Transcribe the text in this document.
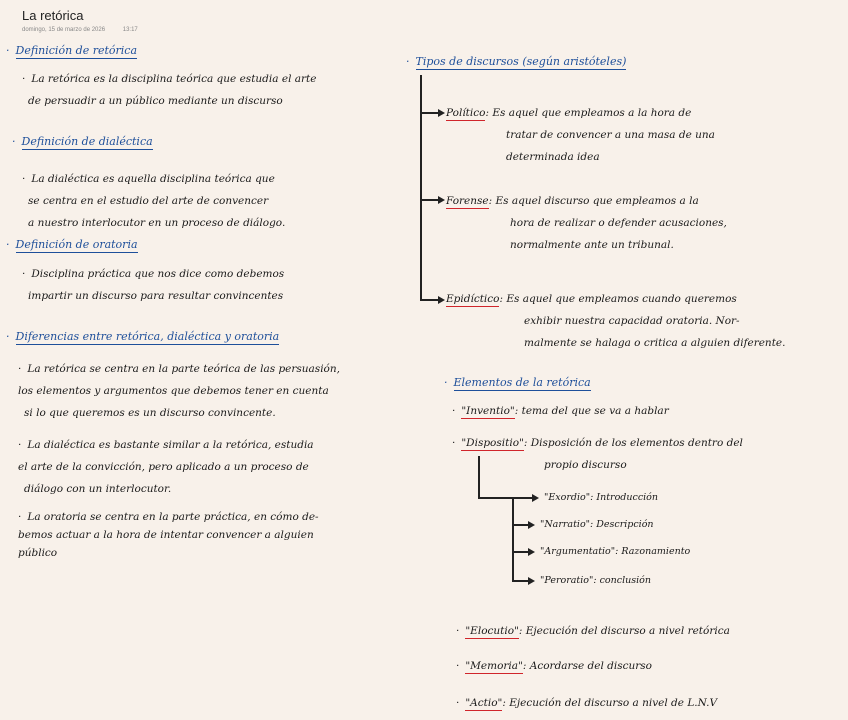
La retórica
domingo, 15 de marzo de 2026	13:17
· Definición de retórica
· La retórica es la disciplina teórica que estudia el arte
de persuadir a un público mediante un discurso
· Definición de dialéctica
· La dialéctica es aquella disciplina teórica que
se centra en el estudio del arte de convencer
a nuestro interlocutor en un proceso de diálogo.
· Definición de oratoria
· Disciplina práctica que nos dice como debemos
impartir un discurso para resultar convincentes
· Diferencias entre retórica, dialéctica y oratoria
· La retórica se centra en la parte teórica de las persuasión,
los elementos y argumentos que debemos tener en cuenta
si lo que queremos es un discurso convincente.
· La dialéctica es bastante similar a la retórica, estudia
el arte de la convicción, pero aplicado a un proceso de
diálogo con un interlocutor.
· La oratoria se centra en la parte práctica, en cómo de-
bemos actuar a la hora de intentar convencer a alguien
público
· Tipos de discursos (según aristóteles)
Político: Es aquel que empleamos a la hora de
tratar de convencer a una masa de una
determinada idea
Forense: Es aquel discurso que empleamos a la
hora de realizar o defender acusaciones,
normalmente ante un tribunal.
Epidíctico: Es aquel que empleamos cuando queremos
exhibir nuestra capacidad oratoria. Nor-
malmente se halaga o critica a alguien diferente.
· Elementos de la retórica
· "Inventio": tema del que se va a hablar
· "Dispositio": Disposición de los elementos dentro del
propio discurso
"Exordio": Introducción
"Narratio": Descripción
"Argumentatio": Razonamiento
"Peroratio": conclusión
· "Elocutio": Ejecución del discurso a nivel retórica
· "Memoria": Acordarse del discurso
· "Actio": Ejecución del discurso a nivel de L.N.V
